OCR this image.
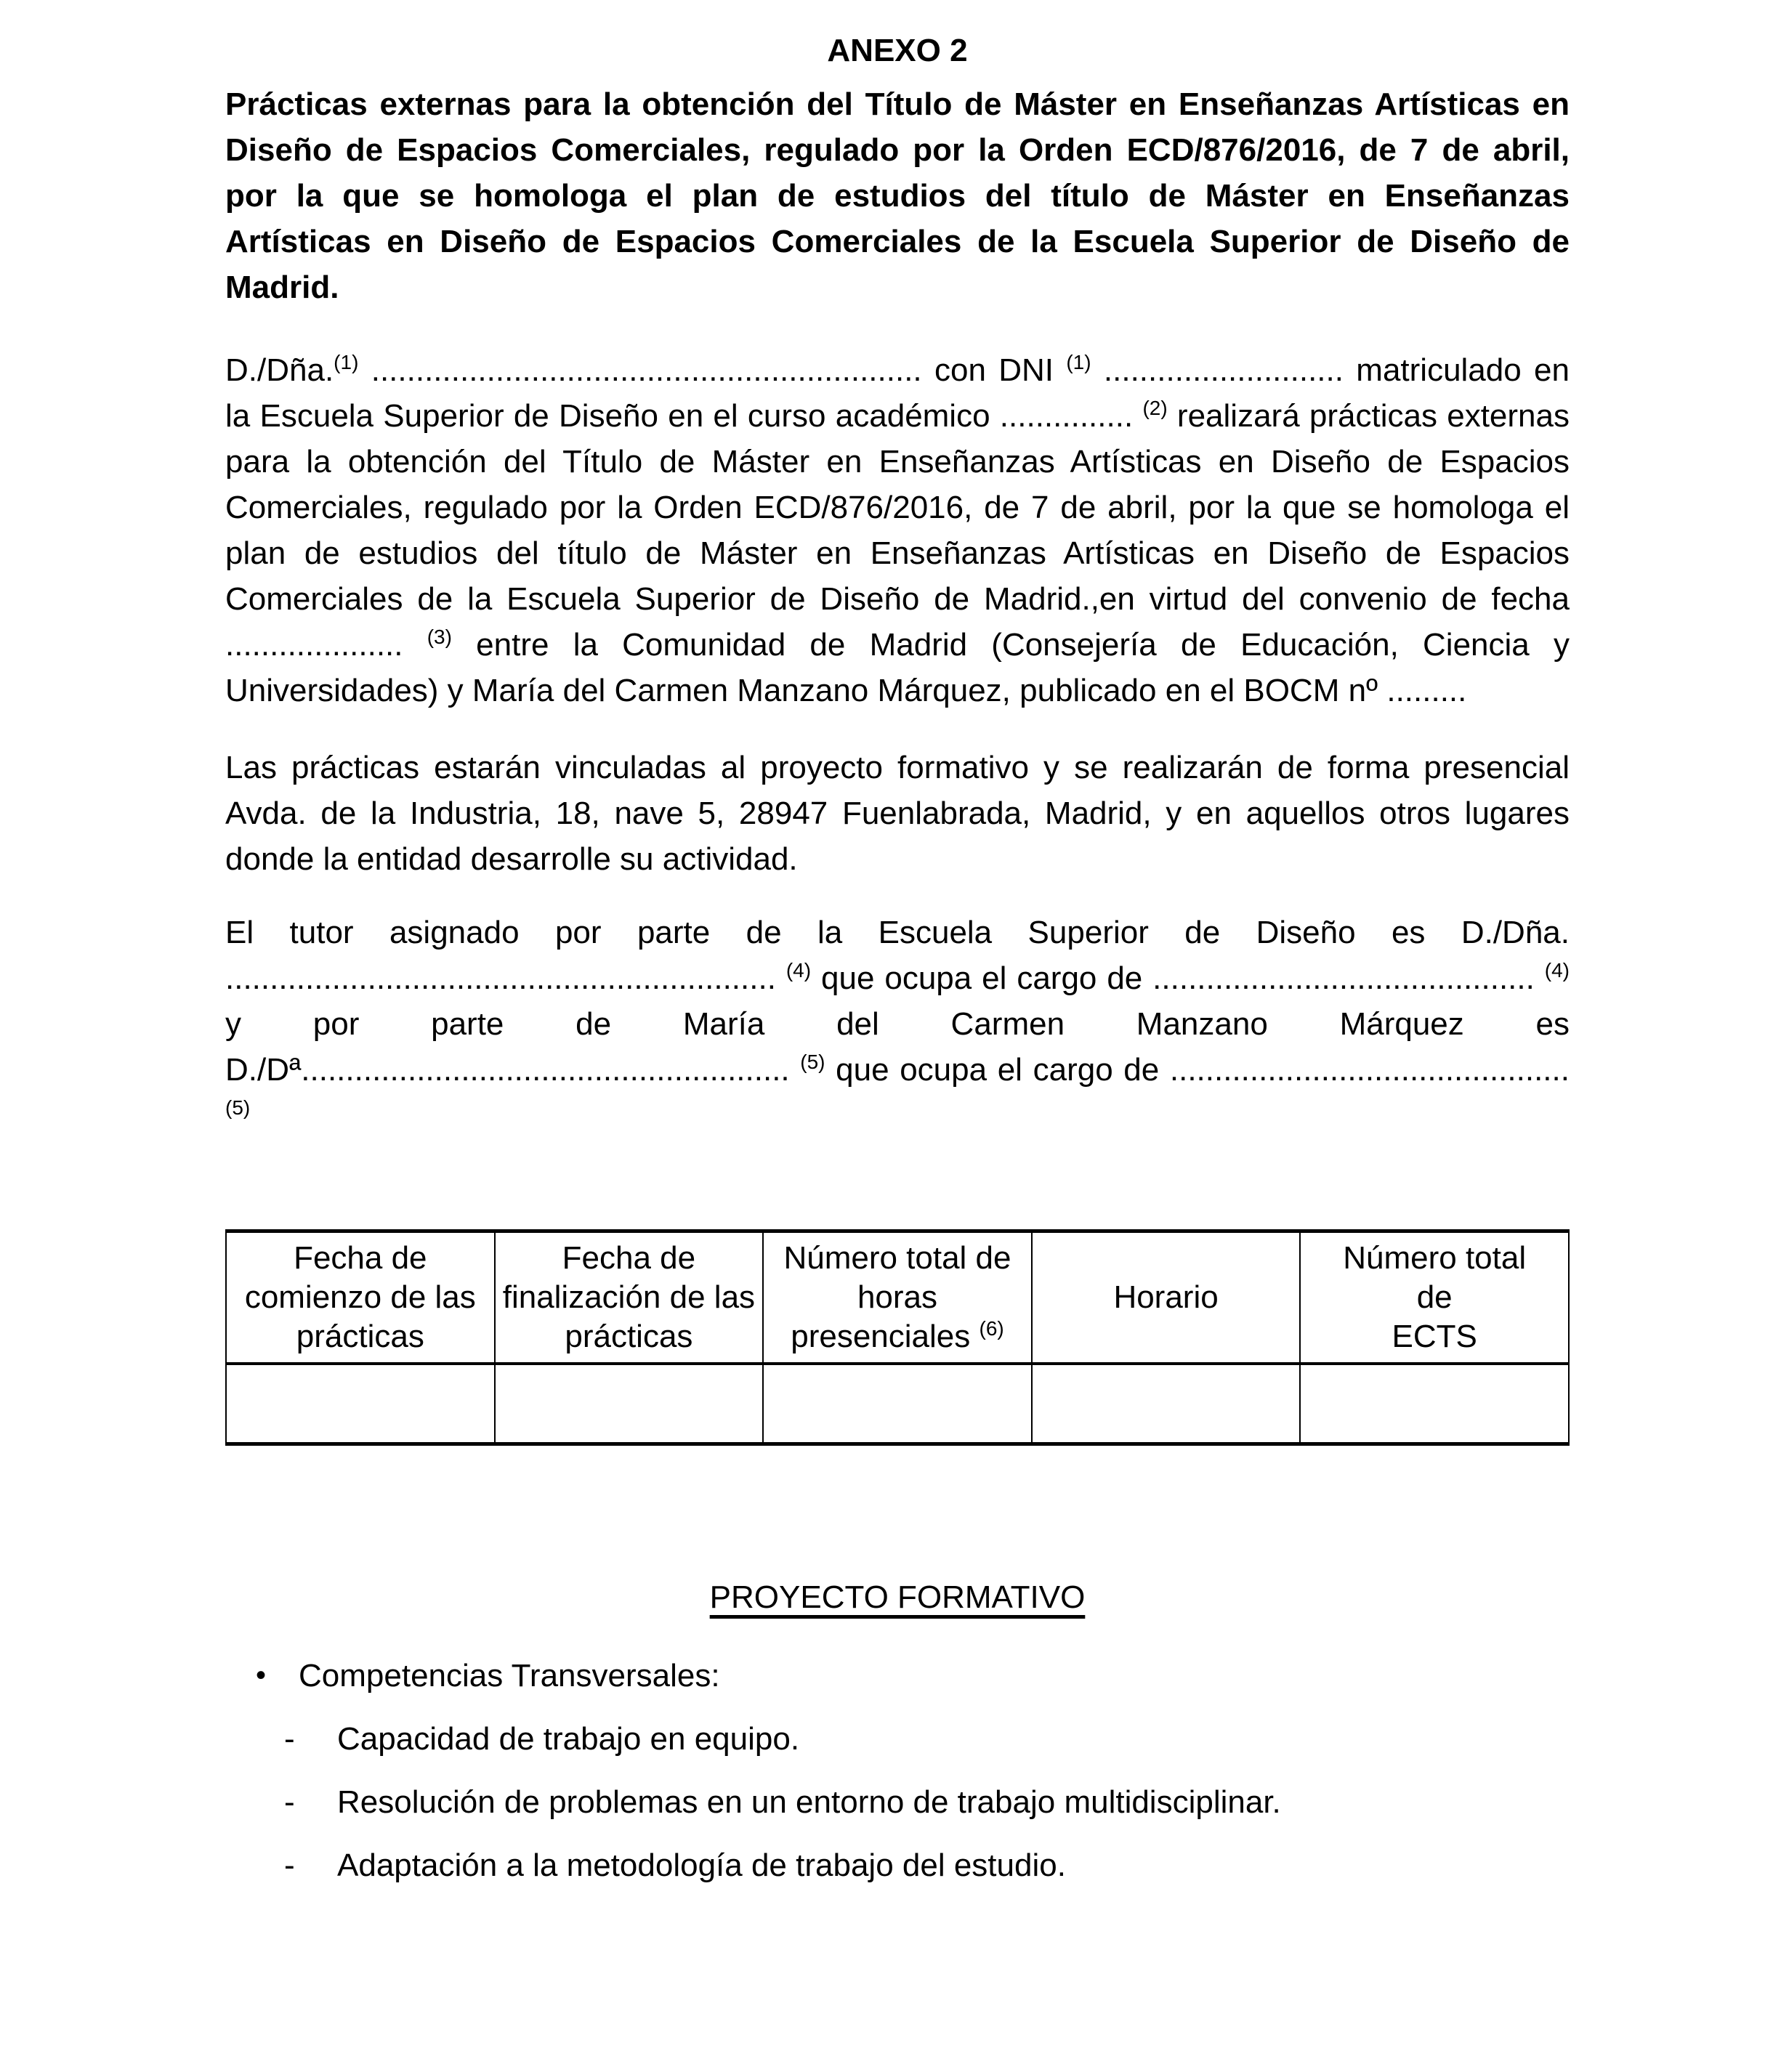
ANEXO 2

Prácticas externas para la obtención del Título de Máster en Enseñanzas Artísticas en Diseño de Espacios Comerciales, regulado por la Orden ECD/876/2016, de 7 de abril, por la que se homologa el plan de estudios del título de Máster en Enseñanzas Artísticas en Diseño de Espacios Comerciales de la Escuela Superior de Diseño de Madrid.

D./Dña.$^{(1)}$ .............................................................. con DNI $^{(1)}$ ........................... matriculado en la Escuela Superior de Diseño en el curso académico ............... $^{(2)}$ realizará prácticas externas para la obtención del Título de Máster en Enseñanzas Artísticas en Diseño de Espacios Comerciales, regulado por la Orden ECD/876/2016, de 7 de abril, por la que se homologa el plan de estudios del título de Máster en Enseñanzas Artísticas en Diseño de Espacios Comerciales de la Escuela Superior de Diseño de Madrid.,en virtud del convenio de fecha .................... $^{(3)}$ entre la Comunidad de Madrid (Consejería de Educación, Ciencia y Universidades) y María del Carmen Manzano Márquez, publicado en el BOCM nº .........

Las prácticas estarán vinculadas al proyecto formativo y se realizarán de forma presencial Avda. de la Industria, 18, nave 5, 28947 Fuenlabrada, Madrid, y en aquellos otros lugares donde la entidad desarrolle su actividad.

El tutor asignado por parte de la Escuela Superior de Diseño es D./Dña. .............................................................. $^{(4)}$ que ocupa el cargo de ........................................... $^{(4)}$ y por parte de María del Carmen Manzano Márquez es D./Dª....................................................... $^{(5)}$ que ocupa el cargo de ............................................. $^{(5)}$

Fecha de comienzo de las prácticas	Fecha de finalización de las prácticas	Número total de horas presenciales $^{(6)}$	Horario	Número total
de
ECTS

PROYECTO FORMATIVO
•	Competencias Transversales:
-	Capacidad de trabajo en equipo.
-	Resolución de problemas en un entorno de trabajo multidisciplinar.
-	Adaptación a la metodología de trabajo del estudio.
